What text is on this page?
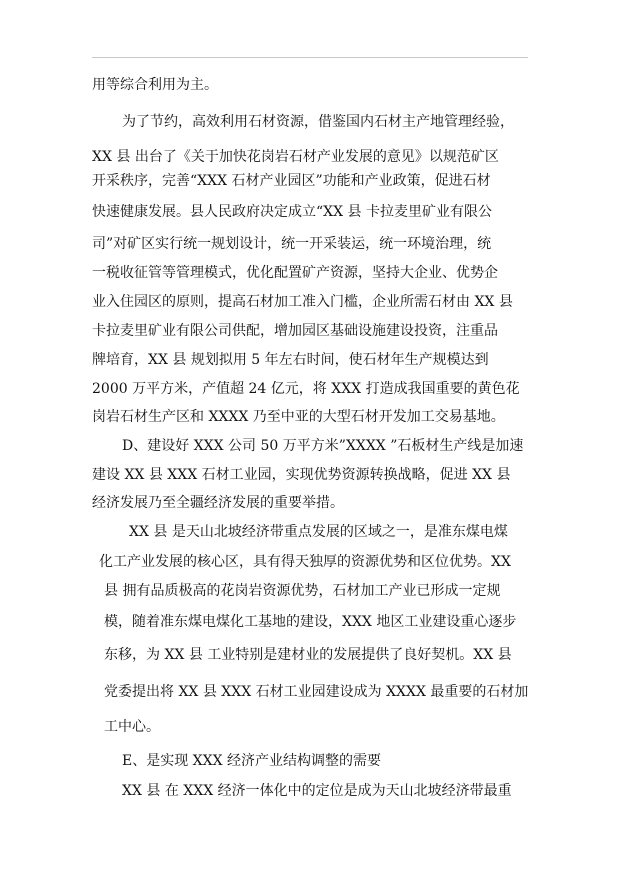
用等综合利用为主。
为了节约，高效利用石材资源，借鉴国内石材主产地管理经验，
XX 县 出台了《关于加快花岗岩石材产业发展的意见》以规范矿区
开采秩序，完善“XXX 石材产业园区”功能和产业政策，促进石材
快速健康发展。县人民政府决定成立“XX 县 卡拉麦里矿业有限公
司”对矿区实行统一规划设计，统一开采装运，统一环境治理，统
一税收征管等管理模式，优化配置矿产资源，坚持大企业、优势企
业入住园区的原则，提高石材加工准入门槛，企业所需石材由 XX 县
卡拉麦里矿业有限公司供配，增加园区基础设施建设投资，注重品
牌培育，XX 县 规划拟用 5 年左右时间，使石材年生产规模达到
2000 万平方米，产值超 24 亿元，将 XXX 打造成我国重要的黄色花
岗岩石材生产区和 XXXX 乃至中亚的大型石材开发加工交易基地。
D、建设好 XXX 公司 50 万平方米”XXXX ”石板材生产线是加速
建设 XX 县 XXX 石材工业园，实现优势资源转换战略，促进 XX 县
经济发展乃至全疆经济发展的重要举措。
XX 县 是天山北坡经济带重点发展的区域之一，是准东煤电煤
化工产业发展的核心区，具有得天独厚的资源优势和区位优势。XX
县 拥有品质极高的花岗岩资源优势，石材加工产业已形成一定规
模，随着准东煤电煤化工基地的建设，XXX 地区工业建设重心逐步
东移，为 XX 县 工业特别是建材业的发展提供了良好契机。XX 县
党委提出将 XX 县 XXX 石材工业园建设成为 XXXX 最重要的石材加
工中心。
E、是实现 XXX 经济产业结构调整的需要
XX 县 在 XXX 经济一体化中的定位是成为天山北坡经济带最重
